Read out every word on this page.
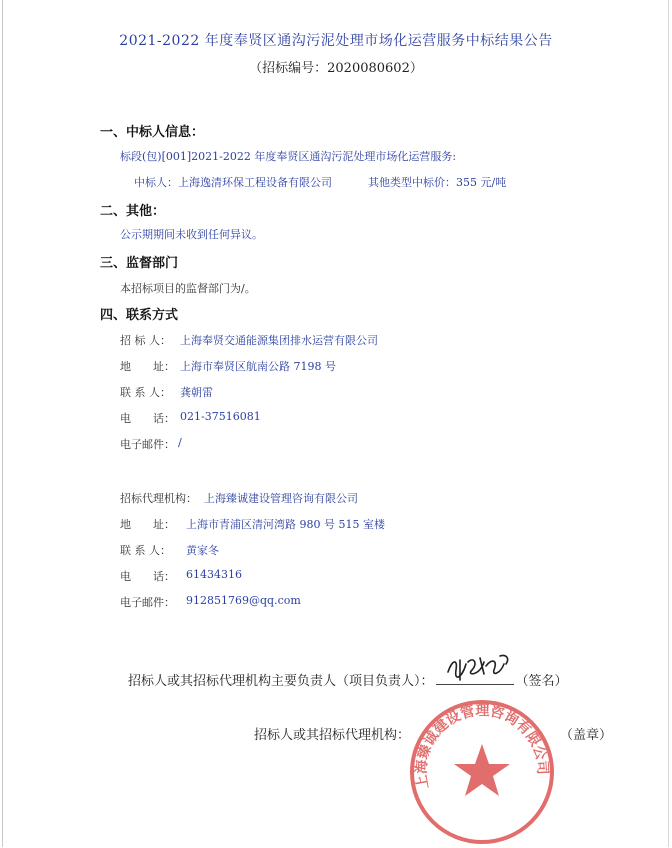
2021-2022 年度奉贤区通沟污泥处理市场化运营服务中标结果公告
（招标编号：2020080602）
一、中标人信息：
标段(包)[001]2021-2022 年度奉贤区通沟污泥处理市场化运营服务:
中标人：上海逸清环保工程设备有限公司	其他类型中标价：355 元/吨
二、其他：
公示期期间未收到任何异议。
三、监督部门
本招标项目的监督部门为/。
四、联系方式
招 标 人： 上海奉贤交通能源集团排水运营有限公司
地　　址： 上海市奉贤区航南公路 7198 号
联 系 人： 龚朝雷
电　　话： 021-37516081
电子邮件： /
招标代理机构： 上海臻诚建设管理咨询有限公司
地　　址： 上海市青浦区清河湾路 980 号 515 室楼
联 系 人： 黄家冬
电　　话： 61434316
电子邮件： 912851769@qq.com
招标人或其招标代理机构主要负责人（项目负责人）：	（签名）
招标人或其招标代理机构：	（盖章）
上海臻诚建设管理咨询有限公司
